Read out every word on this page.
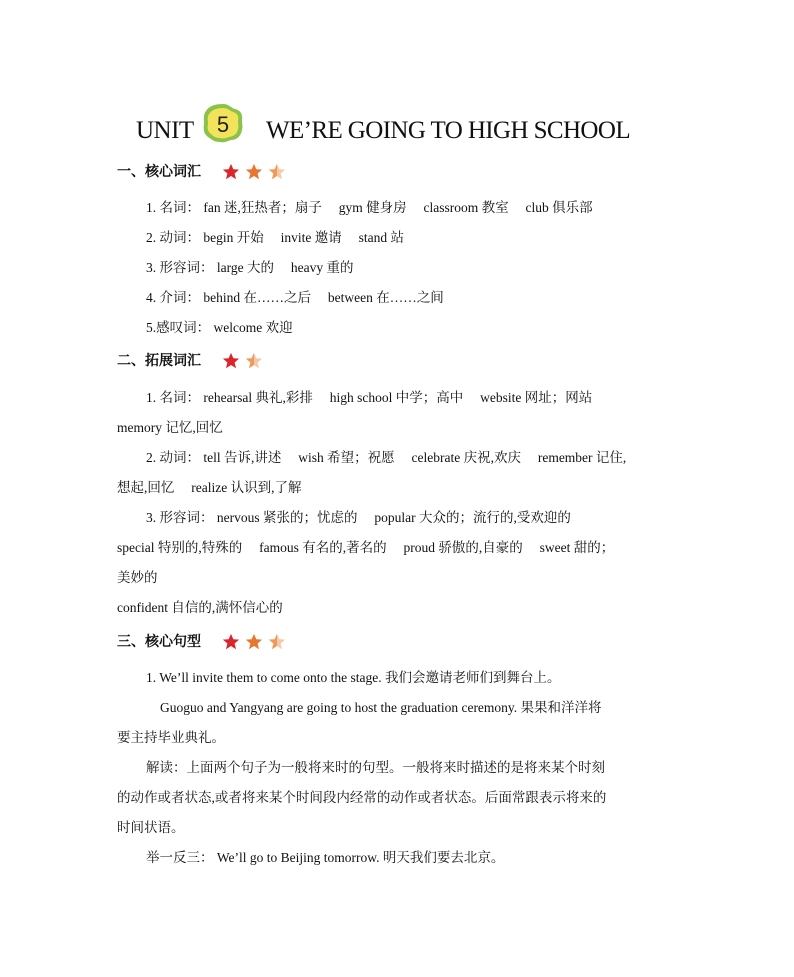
UNIT 5 WE’RE GOING TO HIGH SCHOOL
一、核心词汇

1. 名词： fan 迷,狂热者；扇子 　gym 健身房 　classroom 教室 　club 俱乐部
2. 动词： begin 开始 　invite 邀请 　stand 站
3. 形容词： large 大的 　heavy 重的
4. 介词： behind 在……之后 　between 在……之间
5.感叹词： welcome 欢迎
二、拓展词汇

1. 名词： rehearsal 典礼,彩排 　high school 中学；高中 　website 网址；网站
memory 记忆,回忆
2. 动词： tell 告诉,讲述 　wish 希望；祝愿 　celebrate 庆祝,欢庆 　remember 记住,
想起,回忆 　realize 认识到,了解
3. 形容词： nervous 紧张的；忧虑的 　popular 大众的；流行的,受欢迎的
special 特别的,特殊的 　famous 有名的,著名的 　proud 骄傲的,自豪的 　sweet 甜的；
美妙的
confident 自信的,满怀信心的
三、核心句型

1. We’ll invite them to come onto the stage. 我们会邀请老师们到舞台上。
Guoguo and Yangyang are going to host the graduation ceremony. 果果和洋洋将
要主持毕业典礼。
解读：上面两个句子为一般将来时的句型。一般将来时描述的是将来某个时刻
的动作或者状态,或者将来某个时间段内经常的动作或者状态。后面常跟表示将来的
时间状语。
举一反三： We’ll go to Beijing tomorrow. 明天我们要去北京。
